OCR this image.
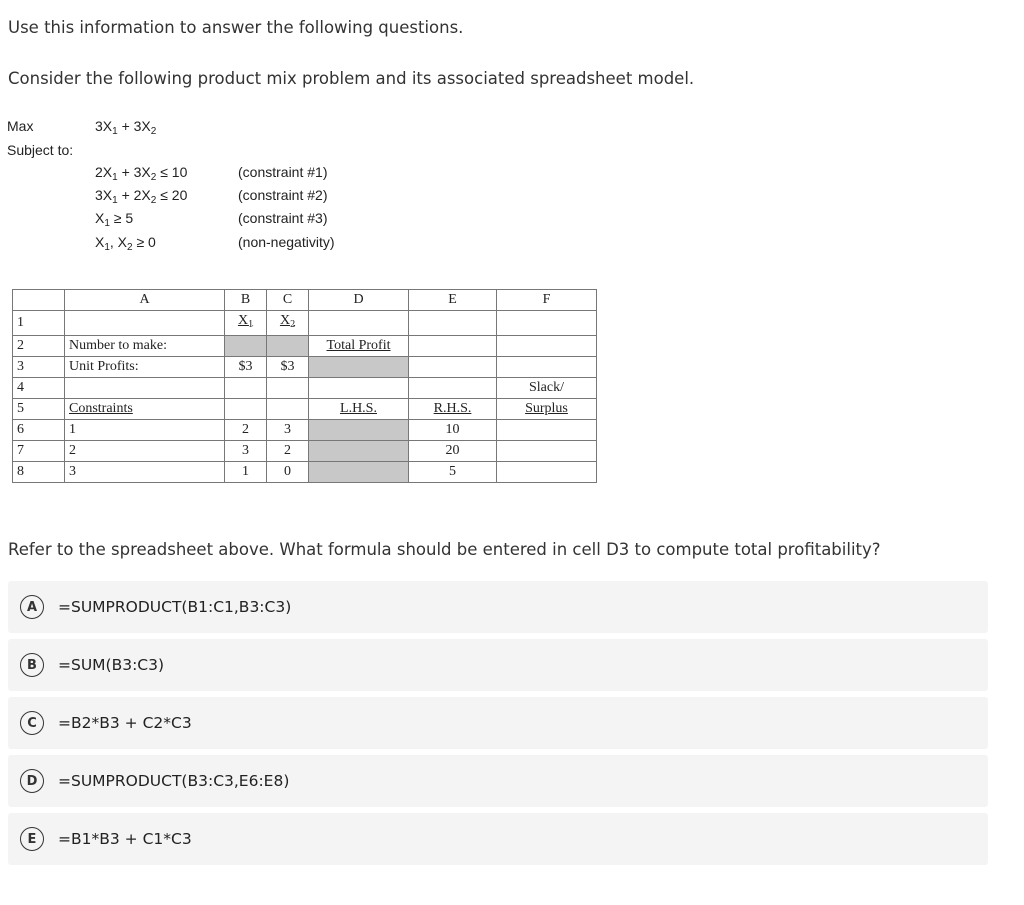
Use this information to answer the following questions.

Consider the following product mix problem and its associated spreadsheet model.

Max	$3X_1 + 3X_2$
Subject to:
$2X_1 + 3X_2 \le 10$	(constraint #1)
$3X_1 + 2X_2 \le 20$	(constraint #2)
$X_1 \ge 5$	(constraint #3)
$X_1$, $X_2 \ge 0$	(non-negativity)
	A	B	C	D	E	F
1		$X_1$	$X_2$			
2	Number to make:			Total Profit		
3	Unit Profits:	$3	$3			
4						Slack/
5	Constraints			L.H.S.	R.H.S.	Surplus
6	1	2	3		10	
7	2	3	2		20	
8	3	1	0		5	

Refer to the spreadsheet above. What formula should be entered in cell D3 to compute total profitability?

A	=SUMPRODUCT(B1:C1,B3:C3)
B	=SUM(B3:C3)
C	=B2*B3 + C2*C3
D	=SUMPRODUCT(B3:C3,E6:E8)
E	=B1*B3 + C1*C3
